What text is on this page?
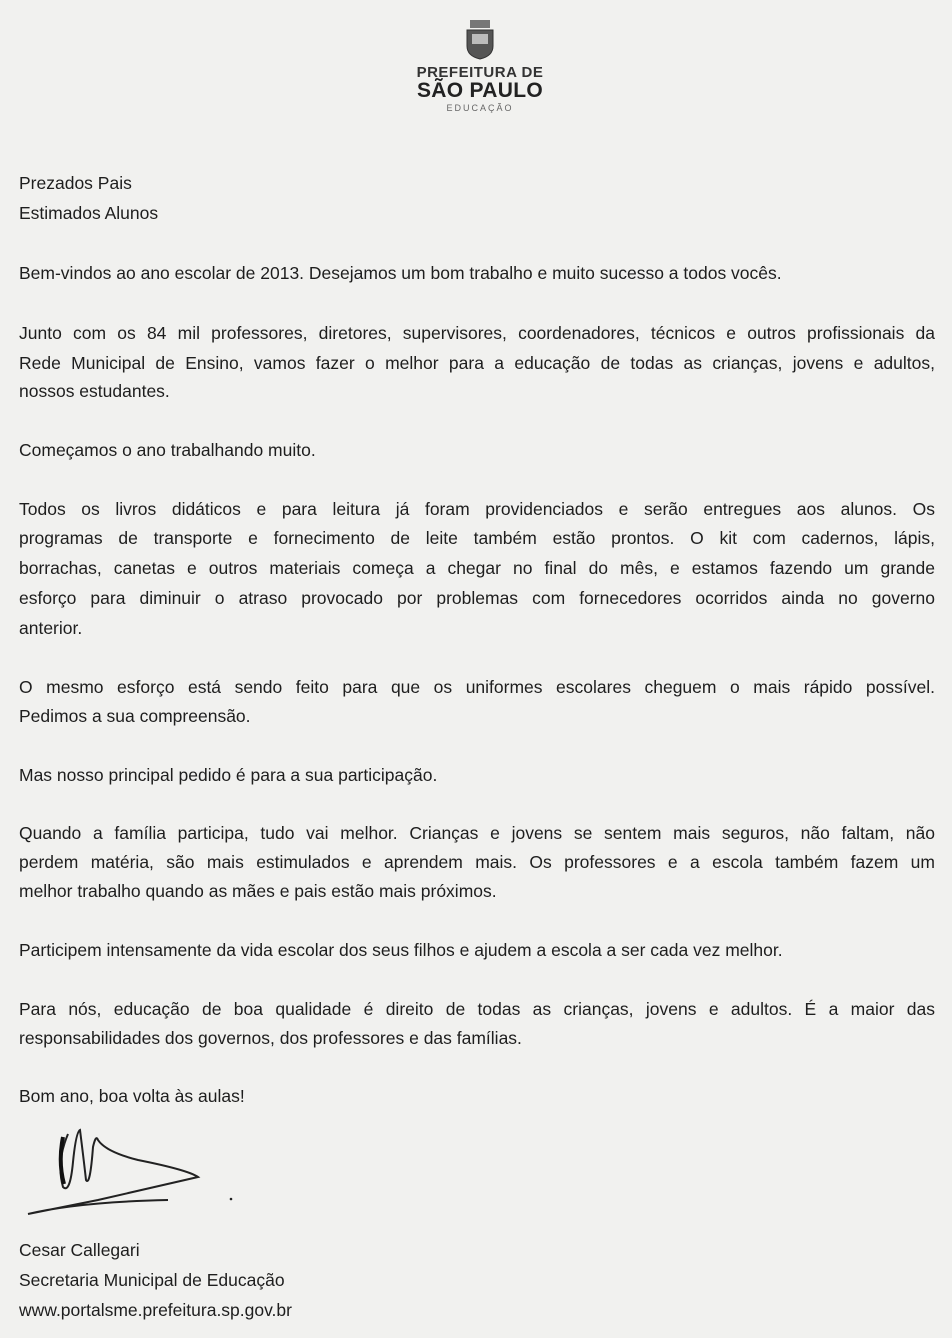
PREFEITURA DE
SÃO PAULO
EDUCAÇÃO
Prezados Pais
Estimados Alunos
Bem-vindos ao ano escolar de 2013. Desejamos um bom trabalho e muito sucesso a todos vocês.
Junto com os 84 mil professores, diretores, supervisores, coordenadores, técnicos e outros profissionais da
Rede Municipal de Ensino, vamos fazer o melhor para a educação de todas as crianças, jovens e adultos,
nossos estudantes.
Começamos o ano trabalhando muito.
Todos os livros didáticos e para leitura já foram providenciados e serão entregues aos alunos. Os
programas de transporte e fornecimento de leite também estão prontos. O kit com cadernos, lápis,
borrachas, canetas e outros materiais começa a chegar no final do mês, e estamos fazendo um grande
esforço para diminuir o atraso provocado por problemas com fornecedores ocorridos ainda no governo
anterior.
O mesmo esforço está sendo feito para que os uniformes escolares cheguem o mais rápido possível.
Pedimos a sua compreensão.
Mas nosso principal pedido é para a sua participação.
Quando a família participa, tudo vai melhor. Crianças e jovens se sentem mais seguros, não faltam, não
perdem matéria, são mais estimulados e aprendem mais. Os professores e a escola também fazem um
melhor trabalho quando as mães e pais estão mais próximos.
Participem intensamente da vida escolar dos seus filhos e ajudem a escola a ser cada vez melhor.
Para nós, educação de boa qualidade é direito de todas as crianças, jovens e adultos. É a maior das
responsabilidades dos governos, dos professores e das famílias.
Bom ano, boa volta às aulas!
Cesar Callegari
Secretaria Municipal de Educação
www.portalsme.prefeitura.sp.gov.br
